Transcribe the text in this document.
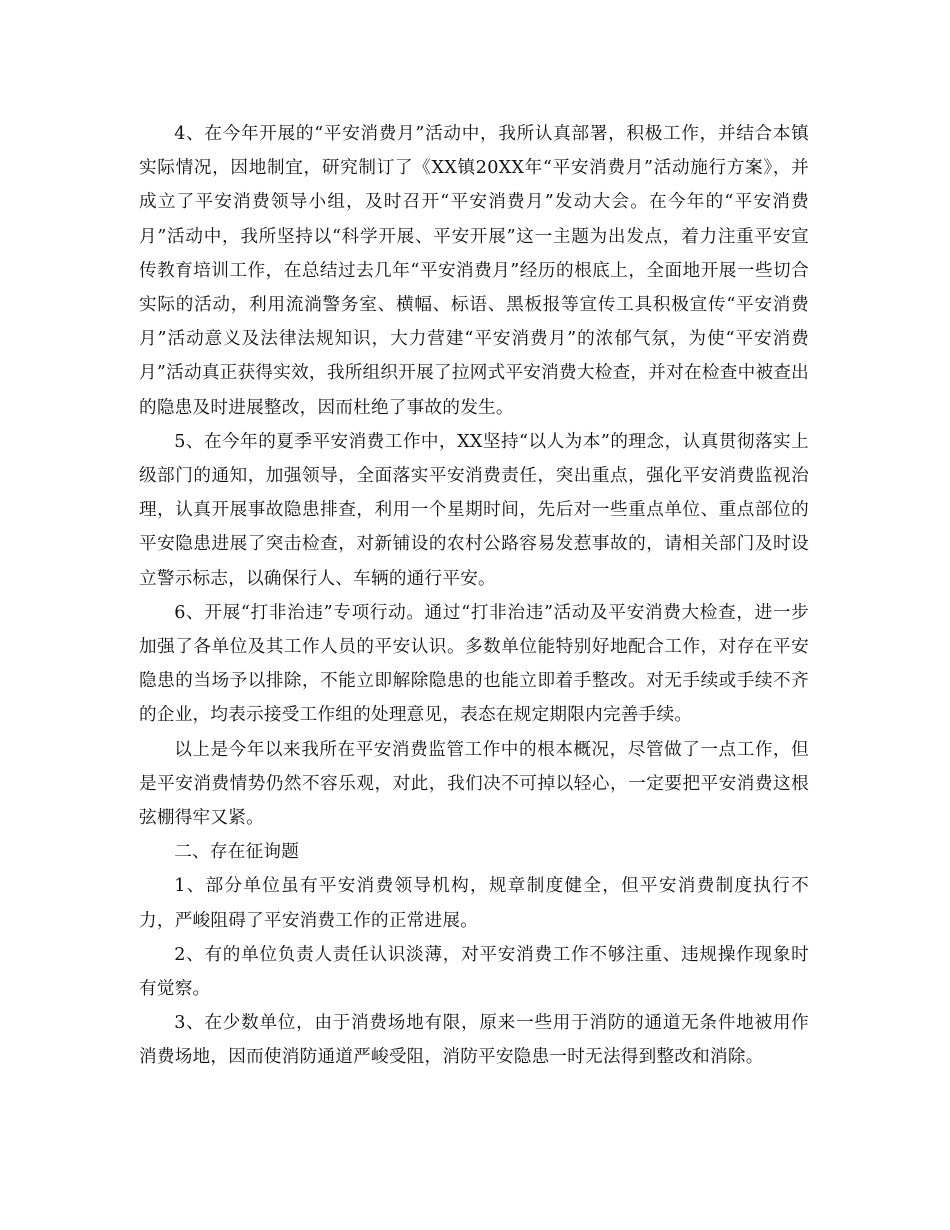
4、在今年开展的“平安消费月”活动中，我所认真部署，积极工作，并结合本镇实际情况，因地制宜，研究制订了《XX镇20XX年“平安消费月”活动施行方案》，并成立了平安消费领导小组，及时召开“平安消费月”发动大会。在今年的“平安消费月”活动中，我所坚持以“科学开展、平安开展”这一主题为出发点，着力注重平安宣传教育培训工作，在总结过去几年“平安消费月”经历的根底上，全面地开展一些切合实际的活动，利用流淌警务室、横幅、标语、黑板报等宣传工具积极宣传“平安消费月”活动意义及法律法规知识，大力营建“平安消费月”的浓郁气氛，为使“平安消费月”活动真正获得实效，我所组织开展了拉网式平安消费大检查，并对在检查中被查出的隐患及时进展整改，因而杜绝了事故的发生。

5、在今年的夏季平安消费工作中，XX坚持“以人为本”的理念，认真贯彻落实上级部门的通知，加强领导，全面落实平安消费责任，突出重点，强化平安消费监视治理，认真开展事故隐患排查，利用一个星期时间，先后对一些重点单位、重点部位的平安隐患进展了突击检查，对新铺设的农村公路容易发惹事故的，请相关部门及时设立警示标志，以确保行人、车辆的通行平安。

6、开展“打非治违”专项行动。通过“打非治违”活动及平安消费大检查，进一步加强了各单位及其工作人员的平安认识。多数单位能特别好地配合工作，对存在平安隐患的当场予以排除，不能立即解除隐患的也能立即着手整改。对无手续或手续不齐的企业，均表示接受工作组的处理意见，表态在规定期限内完善手续。

以上是今年以来我所在平安消费监管工作中的根本概况，尽管做了一点工作，但是平安消费情势仍然不容乐观，对此，我们决不可掉以轻心，一定要把平安消费这根弦棚得牢又紧。

二、存在征询题

1、部分单位虽有平安消费领导机构，规章制度健全，但平安消费制度执行不力，严峻阻碍了平安消费工作的正常进展。

2、有的单位负责人责任认识淡薄，对平安消费工作不够注重、违规操作现象时有觉察。

3、在少数单位，由于消费场地有限，原来一些用于消防的通道无条件地被用作消费场地，因而使消防通道严峻受阻，消防平安隐患一时无法得到整改和消除。
